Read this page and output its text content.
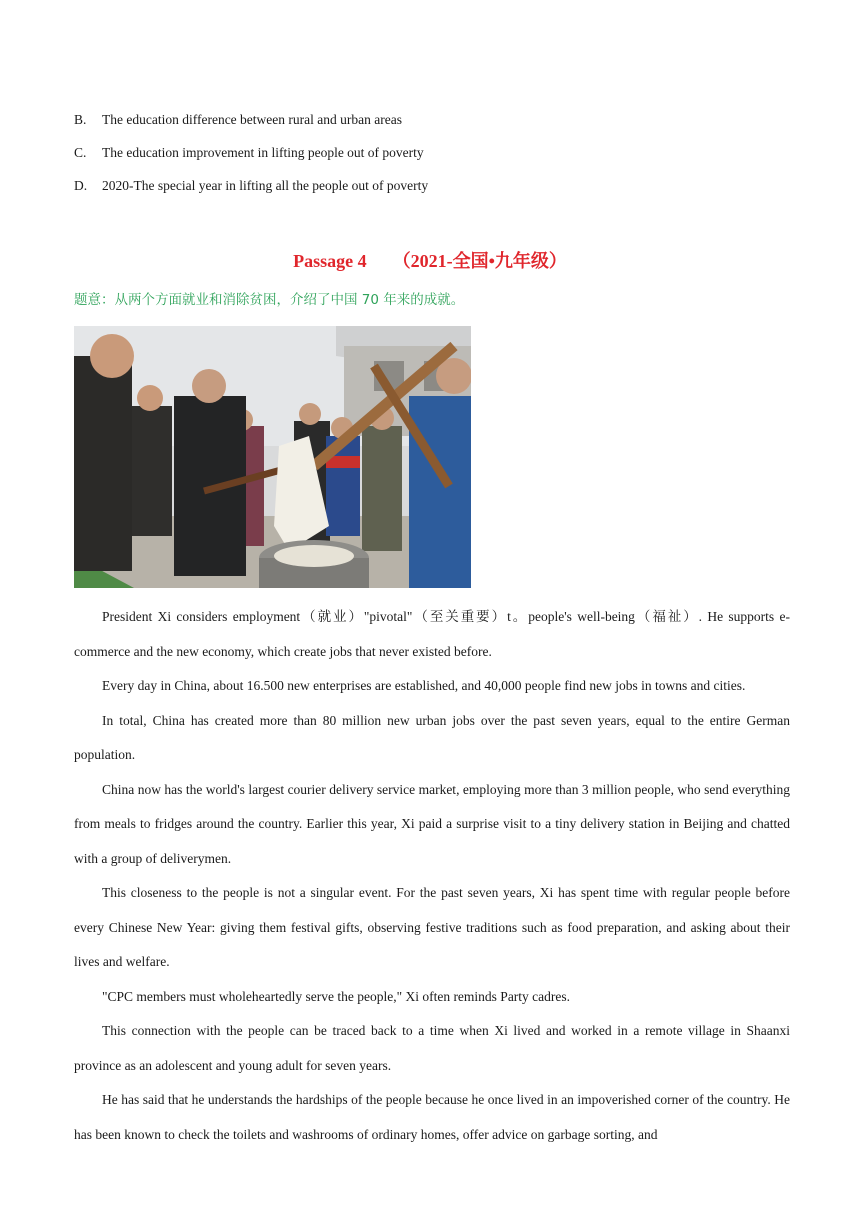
B. The education difference between rural and urban areas
C. The education improvement in lifting people out of poverty
D. 2020-The special year in lifting all the people out of poverty
Passage 4 （2021-全国•九年级）
题意：从两个方面就业和消除贫困，介绍了中国 70 年来的成就。

President Xi considers employment（就业）"pivotal"（至关重要）t。people's well-being（福祉）. He supports e-commerce and the new economy, which create jobs that never existed before.

Every day in China, about 16.500 new enterprises are established, and 40,000 people find new jobs in towns and cities.

In total, China has created more than 80 million new urban jobs over the past seven years, equal to the entire German population.

China now has the world's largest courier delivery service market, employing more than 3 million people, who send everything from meals to fridges around the country. Earlier this year, Xi paid a surprise visit to a tiny delivery station in Beijing and chatted with a group of deliverymen.

This closeness to the people is not a singular event. For the past seven years, Xi has spent time with regular people before every Chinese New Year: giving them festival gifts, observing festive traditions such as food preparation, and asking about their lives and welfare.

"CPC members must wholeheartedly serve the people," Xi often reminds Party cadres.

This connection with the people can be traced back to a time when Xi lived and worked in a remote village in Shaanxi province as an adolescent and young adult for seven years.

He has said that he understands the hardships of the people because he once lived in an impoverished corner of the country. He has been known to check the toilets and washrooms of ordinary homes, offer advice on garbage sorting, and
